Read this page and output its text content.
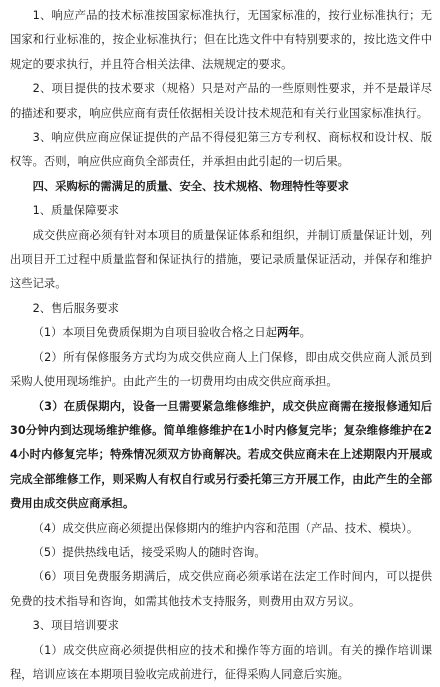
1、响应产品的技术标准按国家标准执行，无国家标准的，按行业标准执行；无国家和行业标准的，按企业标准执行；但在比选文件中有特别要求的，按比选文件中规定的要求执行，并且符合相关法律、法规规定的要求。

2、项目提供的技术要求（规格）只是对产品的一些原则性要求，并不是最详尽的描述和要求，响应供应商有责任依据相关设计技术规范和有关行业国家标准执行。

3、响应供应商应保证提供的产品不得侵犯第三方专利权、商标权和设计权、版权等。否则，响应供应商负全部责任，并承担由此引起的一切后果。

四、采购标的需满足的质量、安全、技术规格、物理特性等要求

1、质量保障要求

成交供应商必须有针对本项目的质量保证体系和组织，并制订质量保证计划，列出项目开工过程中质量监督和保证执行的措施，要记录质量保证活动，并保存和维护这些记录。

2、售后服务要求

（1）本项目免费质保期为自项目验收合格之日起两年。

（2）所有保修服务方式均为成交供应商人上门保修，即由成交供应商人派员到采购人使用现场维护。由此产生的一切费用均由成交供应商承担。

（3）在质保期内，设备一旦需要紧急维修维护，成交供应商需在接报修通知后30分钟内到达现场维护维修。简单维修维护在1小时内修复完毕；复杂维修维护在24小时内修复完毕；特殊情况须双方协商解决。若成交供应商未在上述期限内开展或完成全部维修工作，则采购人有权自行或另行委托第三方开展工作，由此产生的全部费用由成交供应商承担。

（4）成交供应商必须提出保修期内的维护内容和范围（产品、技术、模块）。

（5）提供热线电话，接受采购人的随时咨询。

（6）项目免费服务期满后，成交供应商必须承诺在法定工作时间内，可以提供免费的技术指导和咨询，如需其他技术支持服务，则费用由双方另议。

3、项目培训要求

（1）成交供应商必须提供相应的技术和操作等方面的培训。有关的操作培训课程，培训应该在本期项目验收完成前进行，征得采购人同意后实施。
